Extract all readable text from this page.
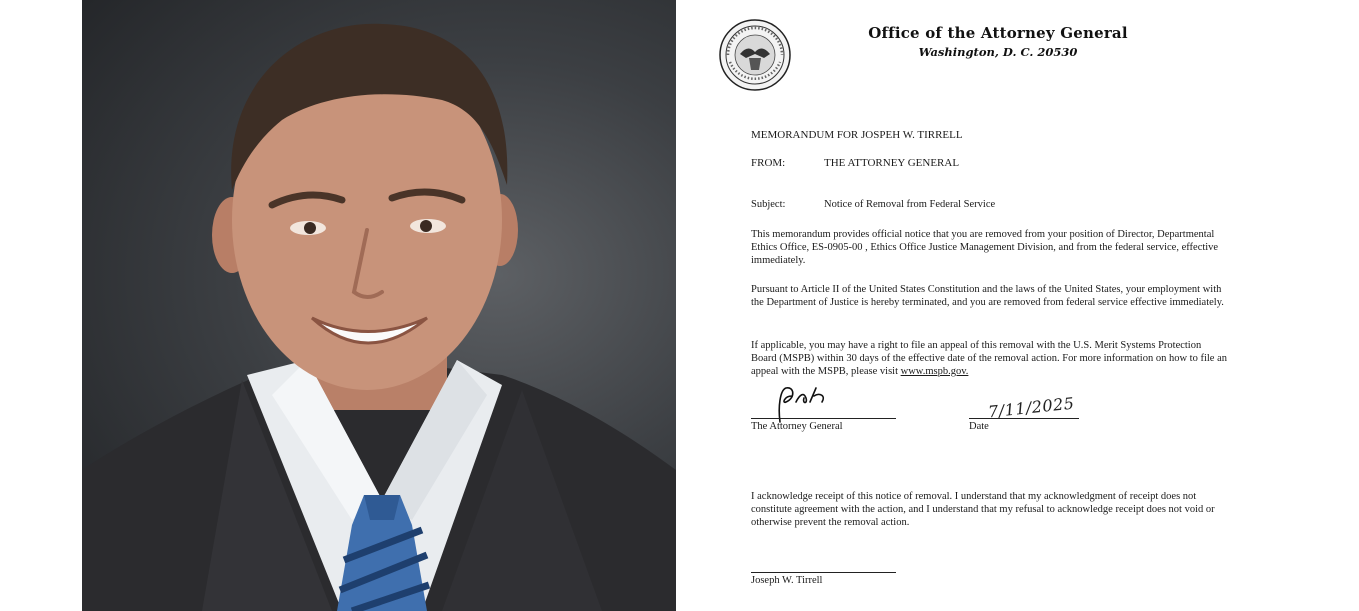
Office of the Attorney General
Washington, D. C. 20530
MEMORANDUM FOR JOSPEH W. TIRRELL
FROM:	THE ATTORNEY GENERAL
Subject:	Notice of Removal from Federal Service
This memorandum provides official notice that you are removed from your position of Director, Departmental Ethics Office, ES-0905-00 , Ethics Office Justice Management Division, and from the federal service, effective immediately.
Pursuant to Article II of the United States Constitution and the laws of the United States, your employment with the Department of Justice is hereby terminated, and you are removed from federal service effective immediately.
If applicable, you may have a right to file an appeal of this removal with the U.S. Merit Systems Protection Board (MSPB) within 30 days of the effective date of the removal action. For more information on how to file an appeal with the MSPB, please visit www.mspb.gov.
The Attorney General
7/11/2025
Date
I acknowledge receipt of this notice of removal. I understand that my acknowledgment of receipt does not constitute agreement with the action, and I understand that my refusal to acknowledge receipt does not void or otherwise prevent the removal action.
Joseph W. Tirrell
